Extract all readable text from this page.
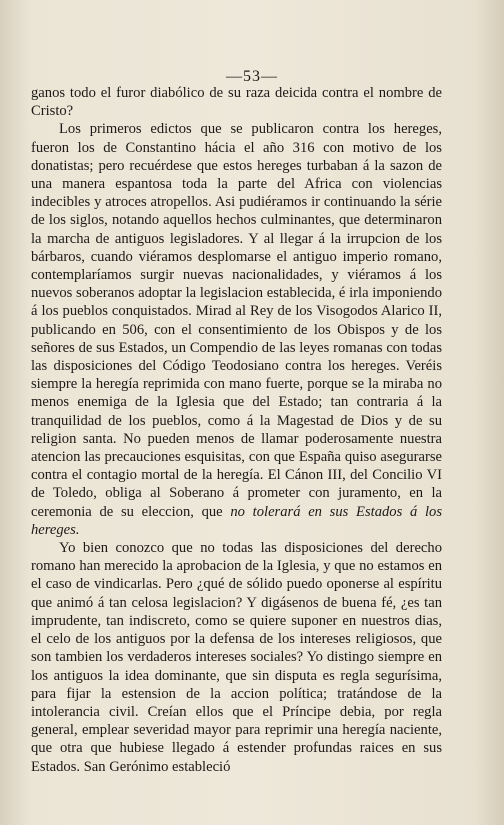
—53—

ganos todo el furor diabólico de su raza deicida contra el nombre de Cristo?

Los primeros edictos que se publicaron contra los hereges, fueron los de Constantino hácia el año 316 con motivo de los donatistas; pero recuérdese que estos hereges turbaban á la sazon de una manera espantosa toda la parte del Africa con violencias indecibles y atroces atropellos. Asi pudiéramos ir continuando la série de los siglos, notando aquellos hechos culminantes, que determinaron la marcha de antiguos legisladores. Y al llegar á la irrupcion de los bárbaros, cuando viéramos desplomarse el antiguo imperio romano, contemplaríamos surgir nuevas nacionalidades, y viéramos á los nuevos soberanos adoptar la legislacion establecida, é irla imponiendo á los pueblos conquistados. Mirad al Rey de los Visogodos Alarico II, publicando en 506, con el consentimiento de los Obispos y de los señores de sus Estados, un Compendio de las leyes romanas con todas las disposiciones del Código Teodosiano contra los hereges. Veréis siempre la heregía reprimida con mano fuerte, porque se la miraba no menos enemiga de la Iglesia que del Estado; tan contraria á la tranquilidad de los pueblos, como á la Magestad de Dios y de su religion santa. No pueden menos de llamar poderosamente nuestra atencion las precauciones esquisitas, con que España quiso asegurarse contra el contagio mortal de la heregía. El Cánon III, del Concilio VI de Toledo, obliga al Soberano á prometer con juramento, en la ceremonia de su eleccion, que no tolerará en sus Estados á los hereges.

Yo bien conozco que no todas las disposiciones del derecho romano han merecido la aprobacion de la Iglesia, y que no estamos en el caso de vindicarlas. Pero ¿qué de sólido puedo oponerse al espíritu que animó á tan celosa legislacion? Y digásenos de buena fé, ¿es tan imprudente, tan indiscreto, como se quiere suponer en nuestros dias, el celo de los antiguos por la defensa de los intereses religiosos, que son tambien los verdaderos intereses sociales? Yo distingo siempre en los antiguos la idea dominante, que sin disputa es regla segurísima, para fijar la estension de la accion política; tratándose de la intolerancia civil. Creían ellos que el Príncipe debia, por regla general, emplear severidad mayor para reprimir una heregía naciente, que otra que hubiese llegado á estender profundas raices en sus Estados. San Gerónimo estableció
